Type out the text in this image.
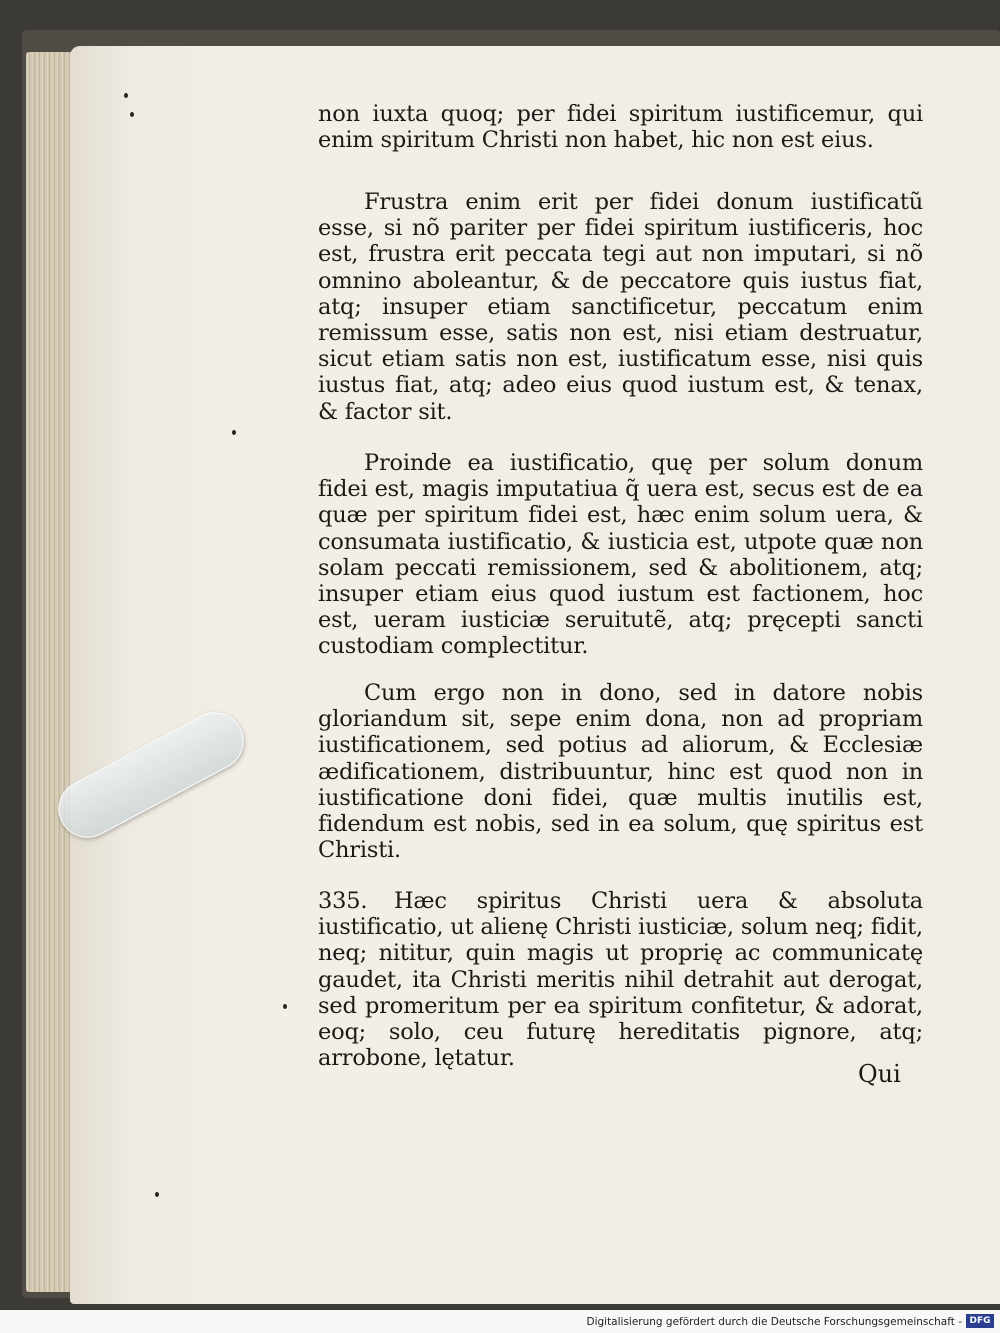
non iuxta quoq; per fidei spiritum iustificemur, qui enim spiritum Christi non habet, hic non est eius.

Frustra enim erit per fidei donum iustificatũ esse, si nõ pariter per fidei spiritum iustificeris, hoc est, frustra erit peccata tegi aut non imputari, si nõ omnino aboleantur, & de peccatore quis iustus fiat, atq; insuper etiam sanctificetur, peccatum enim remissum esse, satis non est, nisi etiam destruatur, sicut etiam satis non est, iustificatum esse, nisi quis iustus fiat, atq; adeo eius quod iustum est, & tenax, & factor sit.

Proinde ea iustificatio, quę per solum donum fidei est, magis imputatiua q̃ uera est, secus est de ea quæ per spiritum fidei est, hæc enim solum uera, & consumata iustificatio, & iusticia est, utpote quæ non solam peccati remissionem, sed & abolitionem, atq; insuper etiam eius quod iustum est factionem, hoc est, ueram iusticiæ seruitutẽ, atq; pręcepti sancti custodiam complectitur.

Cum ergo non in dono, sed in datore nobis gloriandum sit, sepe enim dona, non ad propriam iustificationem, sed potius ad aliorum, & Ecclesiæ ædificationem, distribuuntur, hinc est quod non in iustificatione doni fidei, quæ multis inutilis est, fidendum est nobis, sed in ea solum, quę spiritus est Christi.

335. Hæc spiritus Christi uera & absoluta iustificatio, ut alienę Christi iusticiæ, solum neq; fidit, neq; nititur, quin magis ut proprię ac communicatę gaudet, ita Christi meritis nihil detrahit aut derogat, sed promeritum per ea spiritum confitetur, & adorat, eoq; solo, ceu futurę hereditatis pignore, atq; arrobone, lętatur.
Qui
Digitalisierung gefördert durch die Deutsche Forschungsgemeinschaft - DFG
